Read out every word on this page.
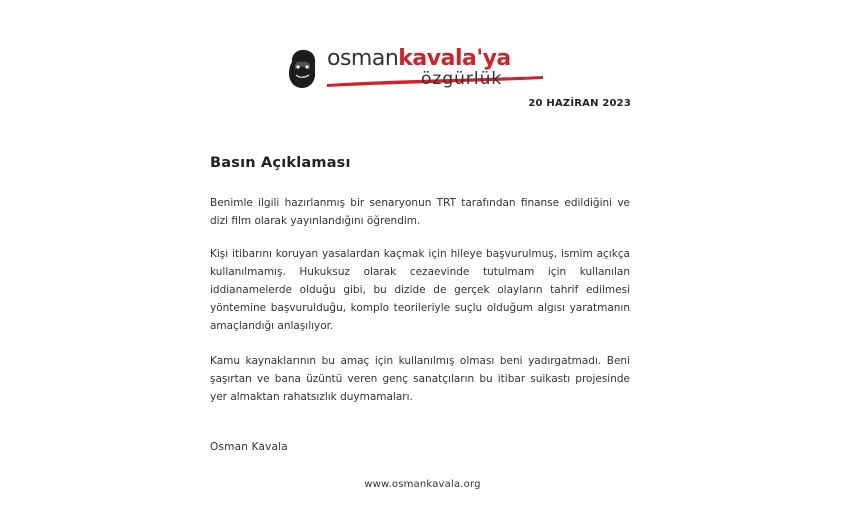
osmankavala'ya
özgürlük
20 HAZİRAN 2023
Basın Açıklaması

Benimle ilgili hazırlanmış bir senaryonun TRT tarafından finanse edildiğini ve dizi film olarak yayınlandığını öğrendim.

Kişi itibarını koruyan yasalardan kaçmak için hileye başvurulmuş, ismim açıkça kullanılmamış. Hukuksuz olarak cezaevinde tutulmam için kullanılan iddianamelerde olduğu gibi, bu dizide de gerçek olayların tahrif edilmesi yöntemine başvurulduğu, komplo teorileriyle suçlu olduğum algısı yaratmanın amaçlandığı anlaşılıyor.

Kamu kaynaklarının bu amaç için kullanılmış olması beni yadırgatmadı. Beni şaşırtan ve bana üzüntü veren genç sanatçıların bu itibar suikastı projesinde yer almaktan rahatsızlık duymamaları.

Osman Kavala
www.osmankavala.org
